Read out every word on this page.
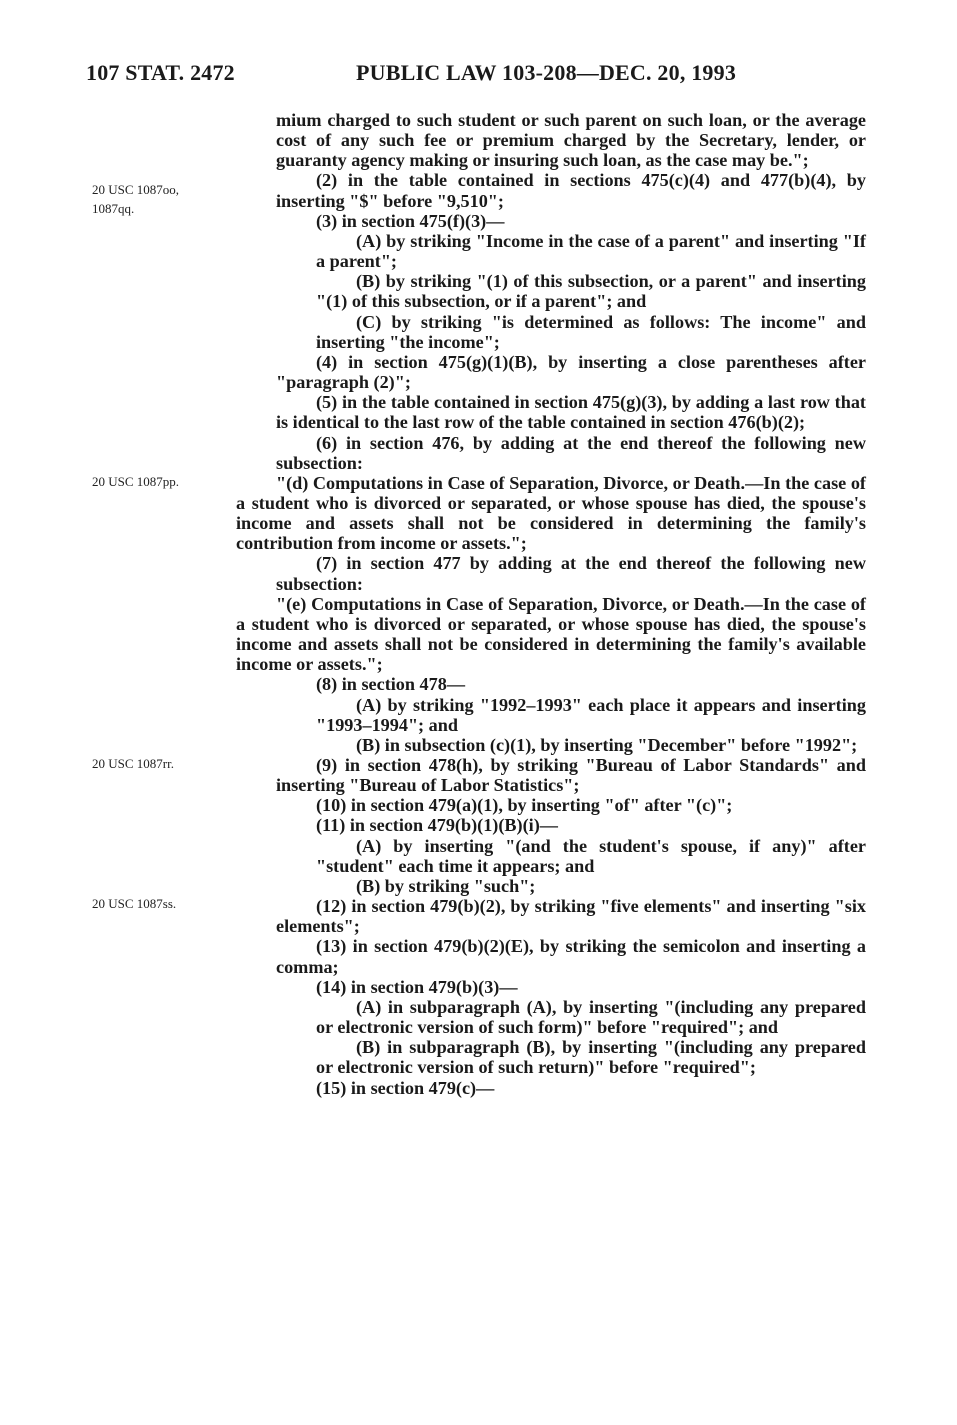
107 STAT. 2472	PUBLIC LAW 103-208—DEC. 20, 1993
20 USC 1087oo,
1087qq.
20 USC 1087pp.
20 USC 1087rr.
20 USC 1087ss.

mium charged to such student or such parent on such loan, or the average cost of any such fee or premium charged by the Secretary, lender, or guaranty agency making or insuring such loan, as the case may be.";

(2) in the table contained in sections 475(c)(4) and 477(b)(4), by inserting "$" before "9,510";

(3) in section 475(f)(3)—

(A) by striking "Income in the case of a parent" and inserting "If a parent";

(B) by striking "(1) of this subsection, or a parent" and inserting "(1) of this subsection, or if a parent"; and

(C) by striking "is determined as follows: The income" and inserting "the income";

(4) in section 475(g)(1)(B), by inserting a close parentheses after "paragraph (2)";

(5) in the table contained in section 475(g)(3), by adding a last row that is identical to the last row of the table contained in section 476(b)(2);

(6) in section 476, by adding at the end thereof the following new subsection:

"(d) Computations in Case of Separation, Divorce, or Death.—In the case of a student who is divorced or separated, or whose spouse has died, the spouse's income and assets shall not be considered in determining the family's contribution from income or assets.";

(7) in section 477 by adding at the end thereof the following new subsection:

"(e) Computations in Case of Separation, Divorce, or Death.—In the case of a student who is divorced or separated, or whose spouse has died, the spouse's income and assets shall not be considered in determining the family's available income or assets.";

(8) in section 478—

(A) by striking "1992–1993" each place it appears and inserting "1993–1994"; and

(B) in subsection (c)(1), by inserting "December" before "1992";

(9) in section 478(h), by striking "Bureau of Labor Standards" and inserting "Bureau of Labor Statistics";

(10) in section 479(a)(1), by inserting "of" after "(c)";

(11) in section 479(b)(1)(B)(i)—

(A) by inserting "(and the student's spouse, if any)" after "student" each time it appears; and

(B) by striking "such";

(12) in section 479(b)(2), by striking "five elements" and inserting "six elements";

(13) in section 479(b)(2)(E), by striking the semicolon and inserting a comma;

(14) in section 479(b)(3)—

(A) in subparagraph (A), by inserting "(including any prepared or electronic version of such form)" before "required"; and

(B) in subparagraph (B), by inserting "(including any prepared or electronic version of such return)" before "required";

(15) in section 479(c)—
